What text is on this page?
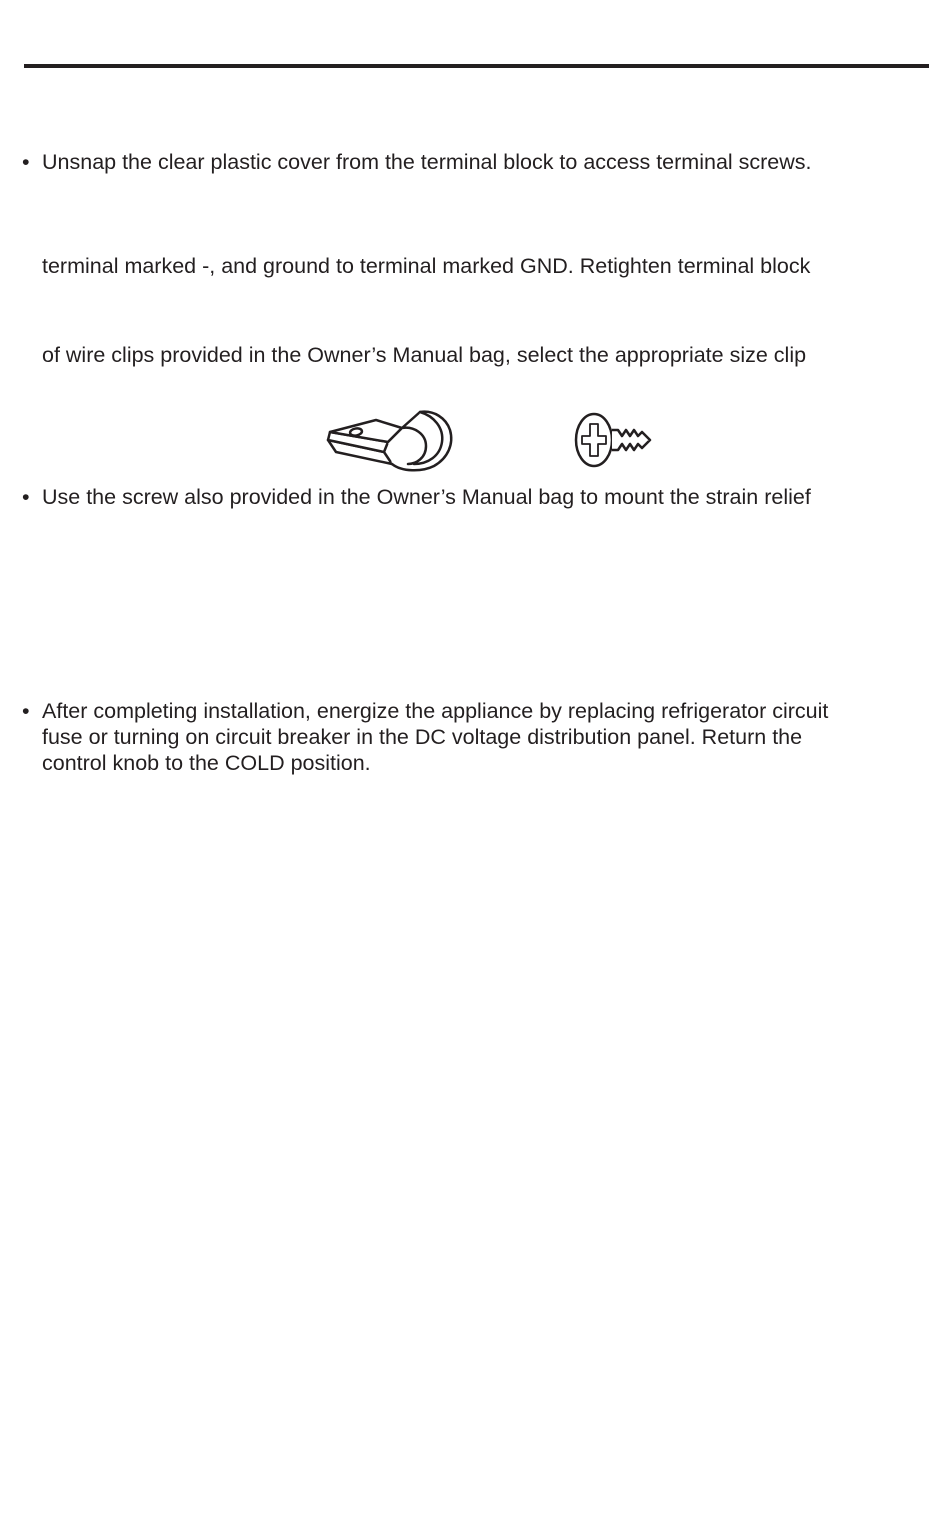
• Unsnap the clear plastic cover from the terminal block to access terminal screws.
terminal marked -, and ground to terminal marked GND. Retighten terminal block
of wire clips provided in the Owner’s Manual bag, select the appropriate size clip
• Use the screw also provided in the Owner’s Manual bag to mount the strain relief
• After completing installation, energize the appliance by replacing refrigerator circuit
fuse or turning on circuit breaker in the DC voltage distribution panel. Return the
control knob to the COLD position.
